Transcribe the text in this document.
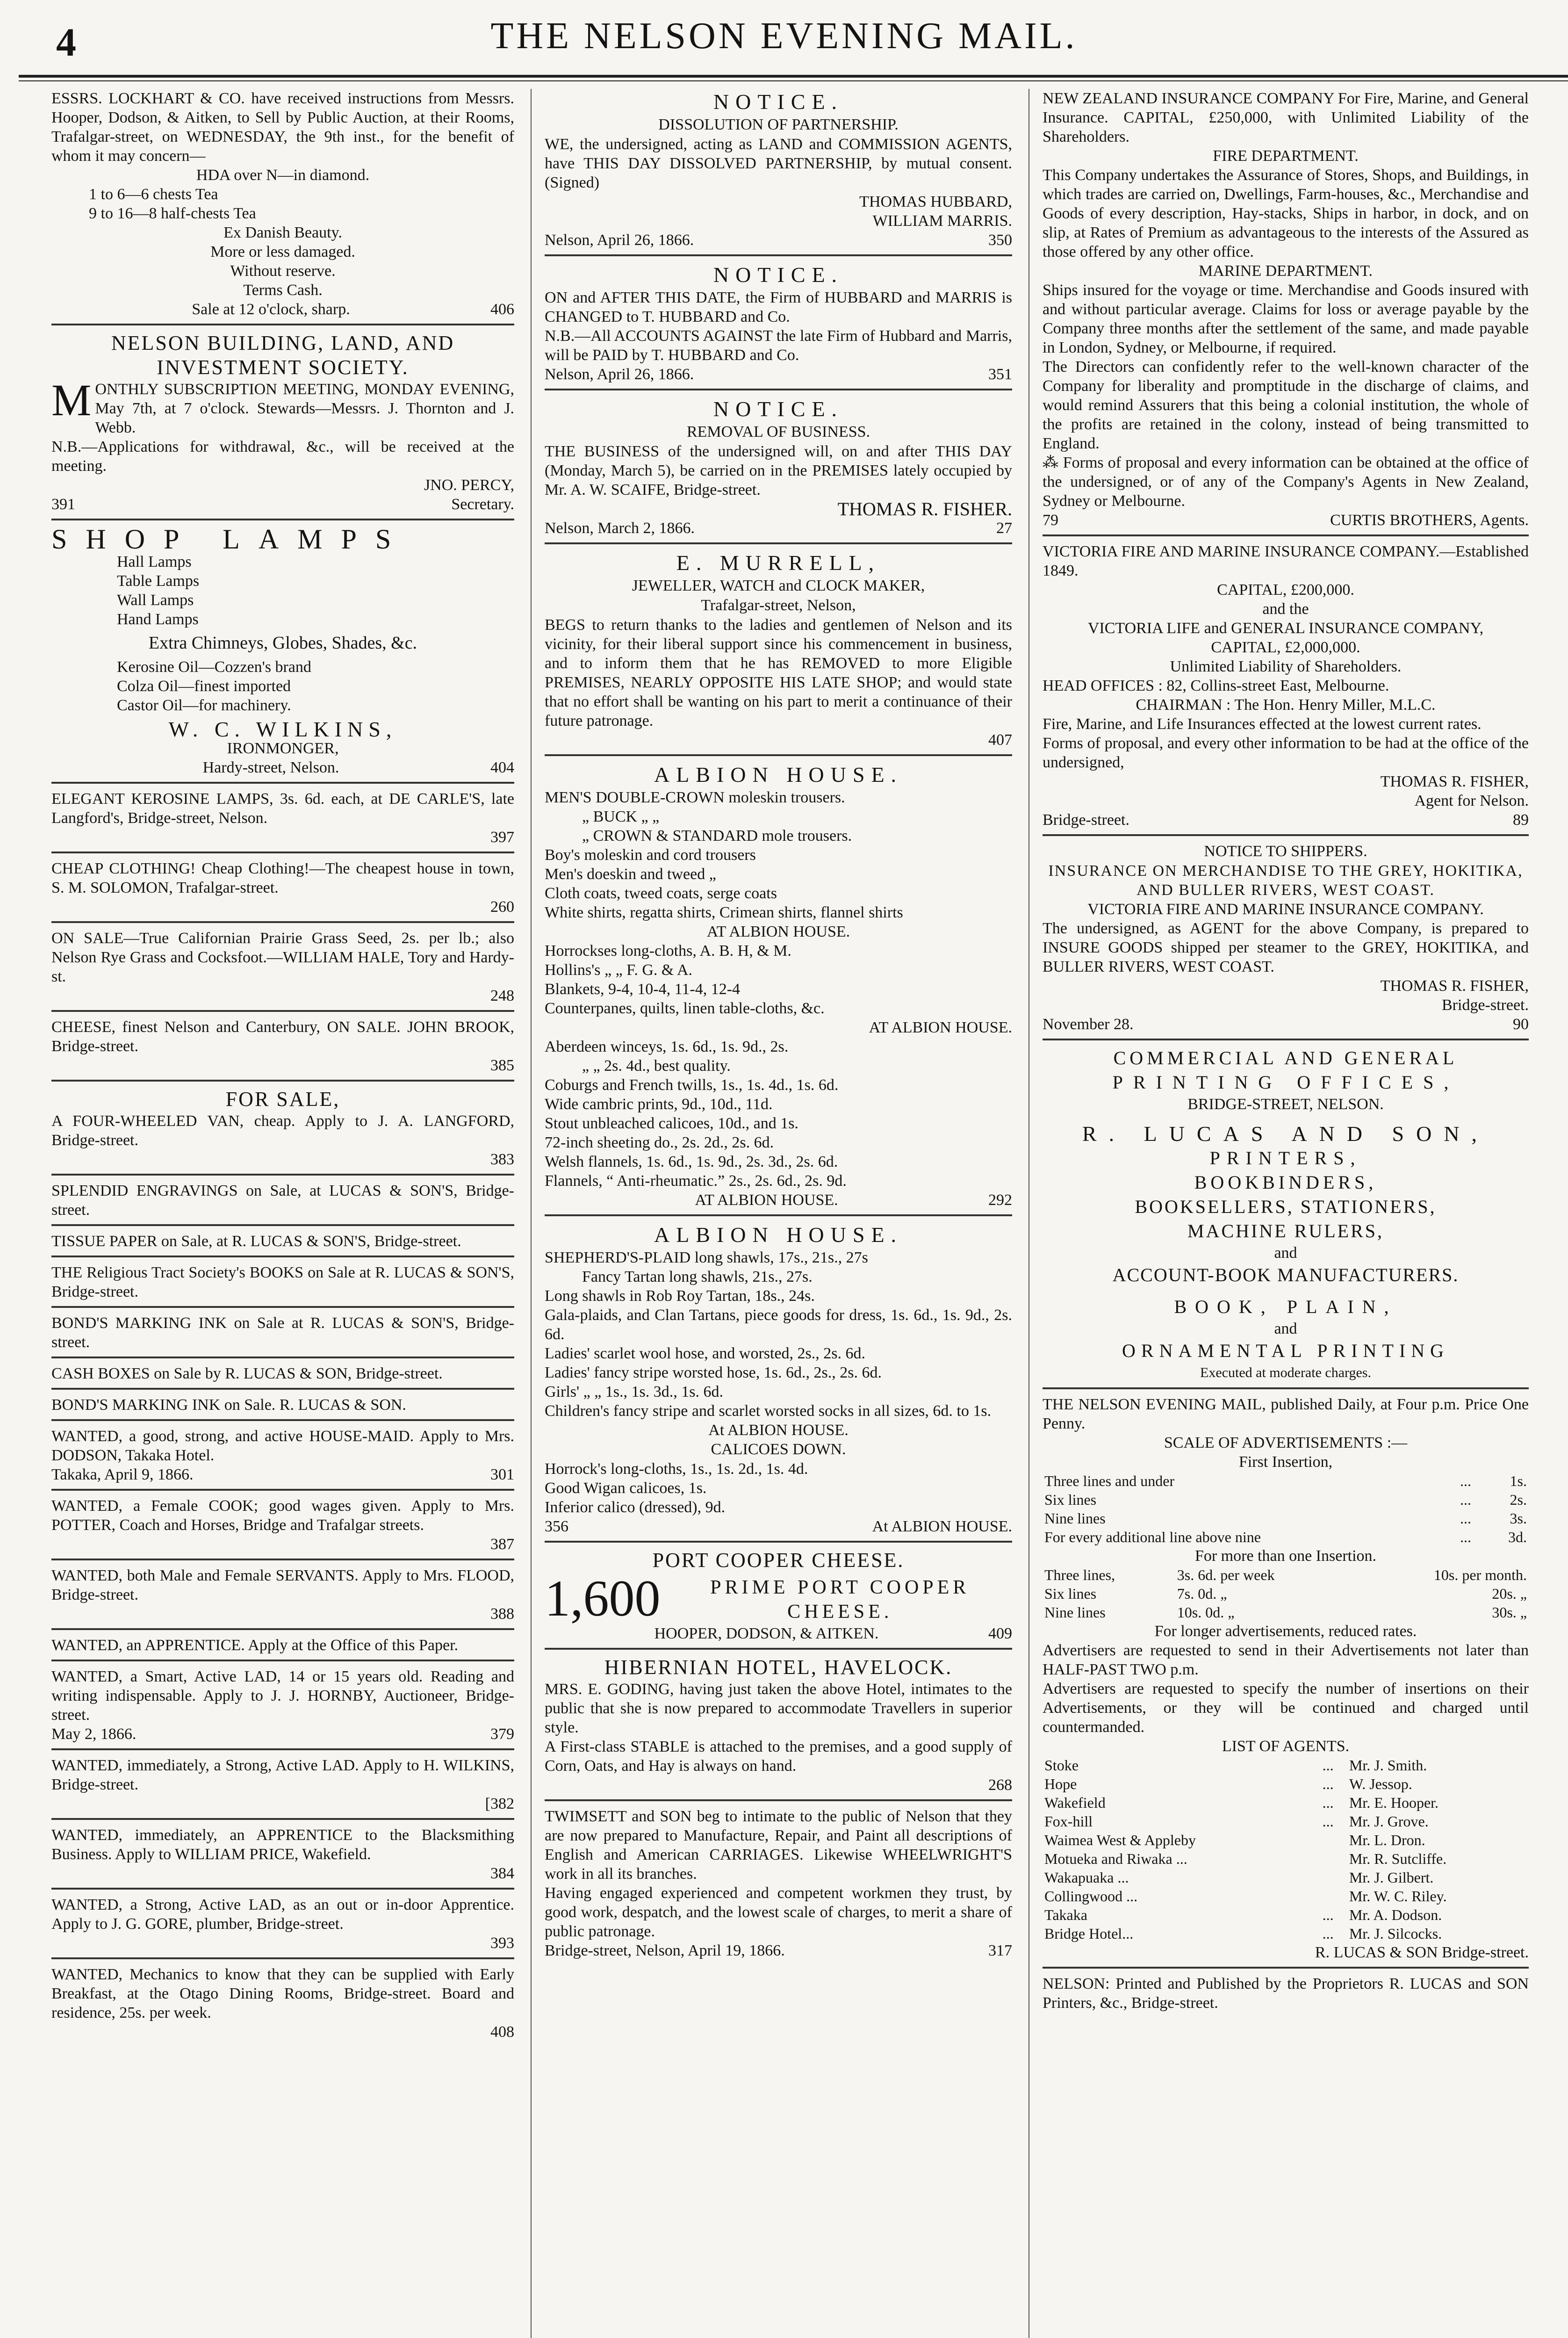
4	THE NELSON EVENING MAIL.

ESSRS. LOCKHART & CO. have received instructions from Messrs. Hooper, Dodson, & Aitken, to Sell by Public Auction, at their Rooms, Trafalgar-street, on WEDNESDAY, the 9th inst., for the benefit of whom it may concern—

HDA over N—in diamond.

1 to 6—6 chests Tea

9 to 16—8 half-chests Tea

Ex Danish Beauty.

More or less damaged.

Without reserve.

Terms Cash.

Sale at 12 o'clock, sharp.	406
NELSON BUILDING, LAND, AND INVESTMENT SOCIETY.

MONTHLY SUBSCRIPTION MEETING, MONDAY EVENING, May 7th, at 7 o'clock. Stewards—Messrs. J. Thornton and J. Webb.

N.B.—Applications for withdrawal, &c., will be received at the meeting.

JNO. PERCY,

391	Secretary.
SHOP LAMPS

Hall Lamps

Table Lamps

Wall Lamps

Hand Lamps

Extra Chimneys, Globes, Shades, &c.

Kerosine Oil—Cozzen's brand

Colza Oil—finest imported

Castor Oil—for machinery.

W. C. WILKINS,

IRONMONGER,

Hardy-street, Nelson.	404

ELEGANT KEROSINE LAMPS, 3s. 6d. each, at DE CARLE'S, late Langford's, Bridge-street, Nelson.

397

CHEAP CLOTHING! Cheap Clothing!—The cheapest house in town, S. M. SOLOMON, Trafalgar-street.

260

ON SALE—True Californian Prairie Grass Seed, 2s. per lb.; also Nelson Rye Grass and Cocksfoot.—WILLIAM HALE, Tory and Hardy-st.

248

CHEESE, finest Nelson and Canterbury, ON SALE. JOHN BROOK, Bridge-street.

385

FOR SALE,

A FOUR-WHEELED VAN, cheap. Apply to J. A. LANGFORD, Bridge-street.

383

SPLENDID ENGRAVINGS on Sale, at LUCAS & SON'S, Bridge-street.

TISSUE PAPER on Sale, at R. LUCAS & SON'S, Bridge-street.

THE Religious Tract Society's BOOKS on Sale at R. LUCAS & SON'S, Bridge-street.

BOND'S MARKING INK on Sale at R. LUCAS & SON'S, Bridge-street.

CASH BOXES on Sale by R. LUCAS & SON, Bridge-street.

BOND'S MARKING INK on Sale. R. LUCAS & SON.

WANTED, a good, strong, and active HOUSE-MAID. Apply to Mrs. DODSON, Takaka Hotel.

Takaka, April 9, 1866.	301

WANTED, a Female COOK; good wages given. Apply to Mrs. POTTER, Coach and Horses, Bridge and Trafalgar streets.

387

WANTED, both Male and Female SERVANTS. Apply to Mrs. FLOOD, Bridge-street.

388

WANTED, an APPRENTICE. Apply at the Office of this Paper.

WANTED, a Smart, Active LAD, 14 or 15 years old. Reading and writing indispensable. Apply to J. J. HORNBY, Auctioneer, Bridge-street.

May 2, 1866.	379

WANTED, immediately, a Strong, Active LAD. Apply to H. WILKINS, Bridge-street.

[382

WANTED, immediately, an APPRENTICE to the Blacksmithing Business. Apply to WILLIAM PRICE, Wakefield.

384

WANTED, a Strong, Active LAD, as an out or in-door Apprentice. Apply to J. G. GORE, plumber, Bridge-street.

393

WANTED, Mechanics to know that they can be supplied with Early Breakfast, at the Otago Dining Rooms, Bridge-street. Board and residence, 25s. per week.

408

NOTICE.
DISSOLUTION OF PARTNERSHIP.

WE, the undersigned, acting as LAND and COMMISSION AGENTS, have THIS DAY DISSOLVED PARTNERSHIP, by mutual consent. (Signed)

THOMAS HUBBARD,

WILLIAM MARRIS.

Nelson, April 26, 1866.	350
NOTICE.

ON and AFTER THIS DATE, the Firm of HUBBARD and MARRIS is CHANGED to T. HUBBARD and Co.

N.B.—All ACCOUNTS AGAINST the late Firm of Hubbard and Marris, will be PAID by T. HUBBARD and Co.

Nelson, April 26, 1866.	351
NOTICE.
REMOVAL OF BUSINESS.

THE BUSINESS of the undersigned will, on and after THIS DAY (Monday, March 5), be carried on in the PREMISES lately occupied by Mr. A. W. SCAIFE, Bridge-street.

THOMAS R. FISHER.

Nelson, March 2, 1866.	27
E. MURRELL,
JEWELLER, WATCH and CLOCK MAKER,
Trafalgar-street, Nelson,

BEGS to return thanks to the ladies and gentlemen of Nelson and its vicinity, for their liberal support since his commencement in business, and to inform them that he has REMOVED to more Eligible PREMISES, NEARLY OPPOSITE HIS LATE SHOP; and would state that no effort shall be wanting on his part to merit a continuance of their future patronage.

407

ALBION HOUSE.

MEN'S DOUBLE-CROWN moleskin trousers.

„ BUCK „ „

„ CROWN & STANDARD mole trousers.

Boy's moleskin and cord trousers

Men's doeskin and tweed „

Cloth coats, tweed coats, serge coats

White shirts, regatta shirts, Crimean shirts, flannel shirts

AT ALBION HOUSE.

Horrockses long-cloths, A. B. H, & M.

Hollins's „ „ F. G. & A.

Blankets, 9-4, 10-4, 11-4, 12-4

Counterpanes, quilts, linen table-cloths, &c.

AT ALBION HOUSE.

Aberdeen winceys, 1s. 6d., 1s. 9d., 2s.

„ „ 2s. 4d., best quality.

Coburgs and French twills, 1s., 1s. 4d., 1s. 6d.

Wide cambric prints, 9d., 10d., 11d.

Stout unbleached calicoes, 10d., and 1s.

72-inch sheeting do., 2s. 2d., 2s. 6d.

Welsh flannels, 1s. 6d., 1s. 9d., 2s. 3d., 2s. 6d.

Flannels, “ Anti-rheumatic.” 2s., 2s. 6d., 2s. 9d.

AT ALBION HOUSE.	292
ALBION HOUSE.

SHEPHERD'S-PLAID long shawls, 17s., 21s., 27s

Fancy Tartan long shawls, 21s., 27s.

Long shawls in Rob Roy Tartan, 18s., 24s.

Gala-plaids, and Clan Tartans, piece goods for dress, 1s. 6d., 1s. 9d., 2s. 6d.

Ladies' scarlet wool hose, and worsted, 2s., 2s. 6d.

Ladies' fancy stripe worsted hose, 1s. 6d., 2s., 2s. 6d.

Girls' „ „ 1s., 1s. 3d., 1s. 6d.

Children's fancy stripe and scarlet worsted socks in all sizes, 6d. to 1s.

At ALBION HOUSE.

CALICOES DOWN.

Horrock's long-cloths, 1s., 1s. 2d., 1s. 4d.

Good Wigan calicoes, 1s.

Inferior calico (dressed), 9d.

356	At ALBION HOUSE.
PORT COOPER CHEESE.
1,600	PRIME PORT COOPER CHEESE.

HOOPER, DODSON, & AITKEN.	409
HIBERNIAN HOTEL, HAVELOCK.

MRS. E. GODING, having just taken the above Hotel, intimates to the public that she is now prepared to accommodate Travellers in superior style.

A First-class STABLE is attached to the premises, and a good supply of Corn, Oats, and Hay is always on hand.

268

TWIMSETT and SON beg to intimate to the public of Nelson that they are now prepared to Manufacture, Repair, and Paint all descriptions of English and American CARRIAGES. Likewise WHEELWRIGHT'S work in all its branches.

Having engaged experienced and competent workmen they trust, by good work, despatch, and the lowest scale of charges, to merit a share of public patronage.

Bridge-street, Nelson, April 19, 1866.	317

NEW ZEALAND INSURANCE COMPANY For Fire, Marine, and General Insurance. CAPITAL, £250,000, with Unlimited Liability of the Shareholders.

FIRE DEPARTMENT.

This Company undertakes the Assurance of Stores, Shops, and Buildings, in which trades are carried on, Dwellings, Farm-houses, &c., Merchandise and Goods of every description, Hay-stacks, Ships in harbor, in dock, and on slip, at Rates of Premium as advantageous to the interests of the Assured as those offered by any other office.

MARINE DEPARTMENT.

Ships insured for the voyage or time. Merchandise and Goods insured with and without particular average. Claims for loss or average payable by the Company three months after the settlement of the same, and made payable in London, Sydney, or Melbourne, if required.

The Directors can confidently refer to the well-known character of the Company for liberality and promptitude in the discharge of claims, and would remind Assurers that this being a colonial institution, the whole of the profits are retained in the colony, instead of being transmitted to England.

⁂ Forms of proposal and every information can be obtained at the office of the undersigned, or of any of the Company's Agents in New Zealand, Sydney or Melbourne.

79	CURTIS BROTHERS, Agents.

VICTORIA FIRE AND MARINE INSURANCE COMPANY.—Established 1849.

CAPITAL, £200,000.

and the

VICTORIA LIFE and GENERAL INSURANCE COMPANY,

CAPITAL, £2,000,000.

Unlimited Liability of Shareholders.

HEAD OFFICES : 82, Collins-street East, Melbourne.

CHAIRMAN : The Hon. Henry Miller, M.L.C.

Fire, Marine, and Life Insurances effected at the lowest current rates.

Forms of proposal, and every other information to be had at the office of the undersigned,

THOMAS R. FISHER,

Agent for Nelson.

Bridge-street.	89
NOTICE TO SHIPPERS.

INSURANCE ON MERCHANDISE TO THE GREY, HOKITIKA, AND BULLER RIVERS, WEST COAST.

VICTORIA FIRE AND MARINE INSURANCE COMPANY.

The undersigned, as AGENT for the above Company, is prepared to INSURE GOODS shipped per steamer to the GREY, HOKITIKA, and BULLER RIVERS, WEST COAST.

THOMAS R. FISHER,

Bridge-street.

November 28.	90
COMMERCIAL AND GENERAL
PRINTING OFFICES,
BRIDGE-STREET, NELSON.
R. LUCAS AND SON,
PRINTERS,
BOOKBINDERS,
BOOKSELLERS, STATIONERS,
MACHINE RULERS,
and
ACCOUNT-BOOK MANUFACTURERS.
BOOK, PLAIN,
and
ORNAMENTAL PRINTING
Executed at moderate charges.

THE NELSON EVENING MAIL, published Daily, at Four p.m. Price One Penny.

SCALE OF ADVERTISEMENTS :—

First Insertion,

Three lines and under	...	1s.
Six lines	...	2s.
Nine lines	...	3s.
For every additional line above nine	...	3d.

For more than one Insertion.

Three lines,	3s. 6d. per week	10s. per month.
Six lines	7s. 0d. „	20s. „
Nine lines	10s. 0d. „	30s. „

For longer advertisements, reduced rates.

Advertisers are requested to send in their Advertisements not later than HALF-PAST TWO p.m.

Advertisers are requested to specify the number of insertions on their Advertisements, or they will be continued and charged until countermanded.

LIST OF AGENTS.

Stoke	...	Mr. J. Smith.
Hope	...	W. Jessop.
Wakefield	...	Mr. E. Hooper.
Fox-hill	...	Mr. J. Grove.
Waimea West & Appleby		Mr. L. Dron.
Motueka and Riwaka ...		Mr. R. Sutcliffe.
Wakapuaka ...		Mr. J. Gilbert.
Collingwood ...		Mr. W. C. Riley.
Takaka	...	Mr. A. Dodson.
Bridge Hotel...	...	Mr. J. Silcocks.

R. LUCAS & SON Bridge-street.

NELSON: Printed and Published by the Proprietors R. LUCAS and SON Printers, &c., Bridge-street.
